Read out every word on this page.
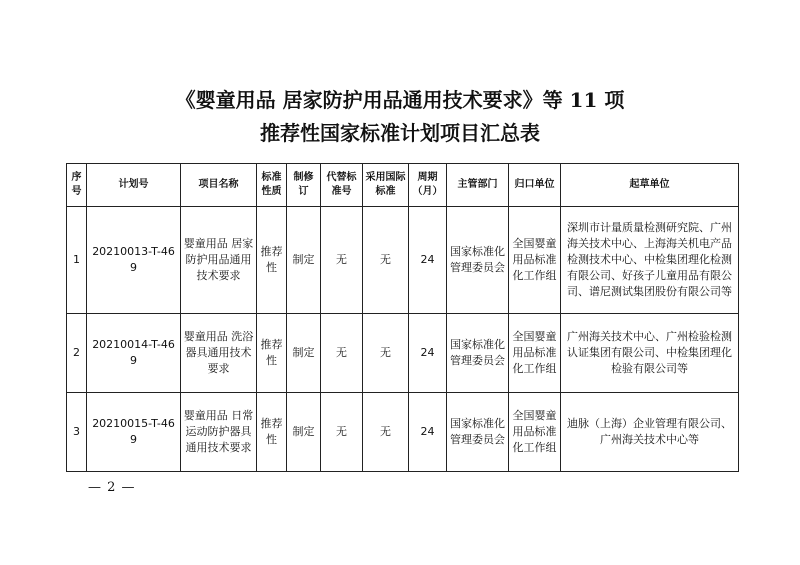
《婴童用品 居家防护用品通用技术要求》等 11 项
推荐性国家标准计划项目汇总表
序号	计划号	项目名称	标准性质	制修订	代替标准号	采用国际标准	周期（月）	主管部门	归口单位	起草单位
1	20210013-T-469	婴童用品 居家防护用品通用技术要求	推荐性	制定	无	无	24	国家标准化管理委员会	全国婴童用品标准化工作组	深圳市计量质量检测研究院、广州海关技术中心、上海海关机电产品检测技术中心、中检集团理化检测有限公司、好孩子儿童用品有限公司、谱尼测试集团股份有限公司等
2	20210014-T-469	婴童用品 洗浴器具通用技术要求	推荐性	制定	无	无	24	国家标准化管理委员会	全国婴童用品标准化工作组	广州海关技术中心、广州检验检测认证集团有限公司、中检集团理化检验有限公司等
3	20210015-T-469	婴童用品 日常运动防护器具通用技术要求	推荐性	制定	无	无	24	国家标准化管理委员会	全国婴童用品标准化工作组	迪脉（上海）企业管理有限公司、广州海关技术中心等
— 2 —
